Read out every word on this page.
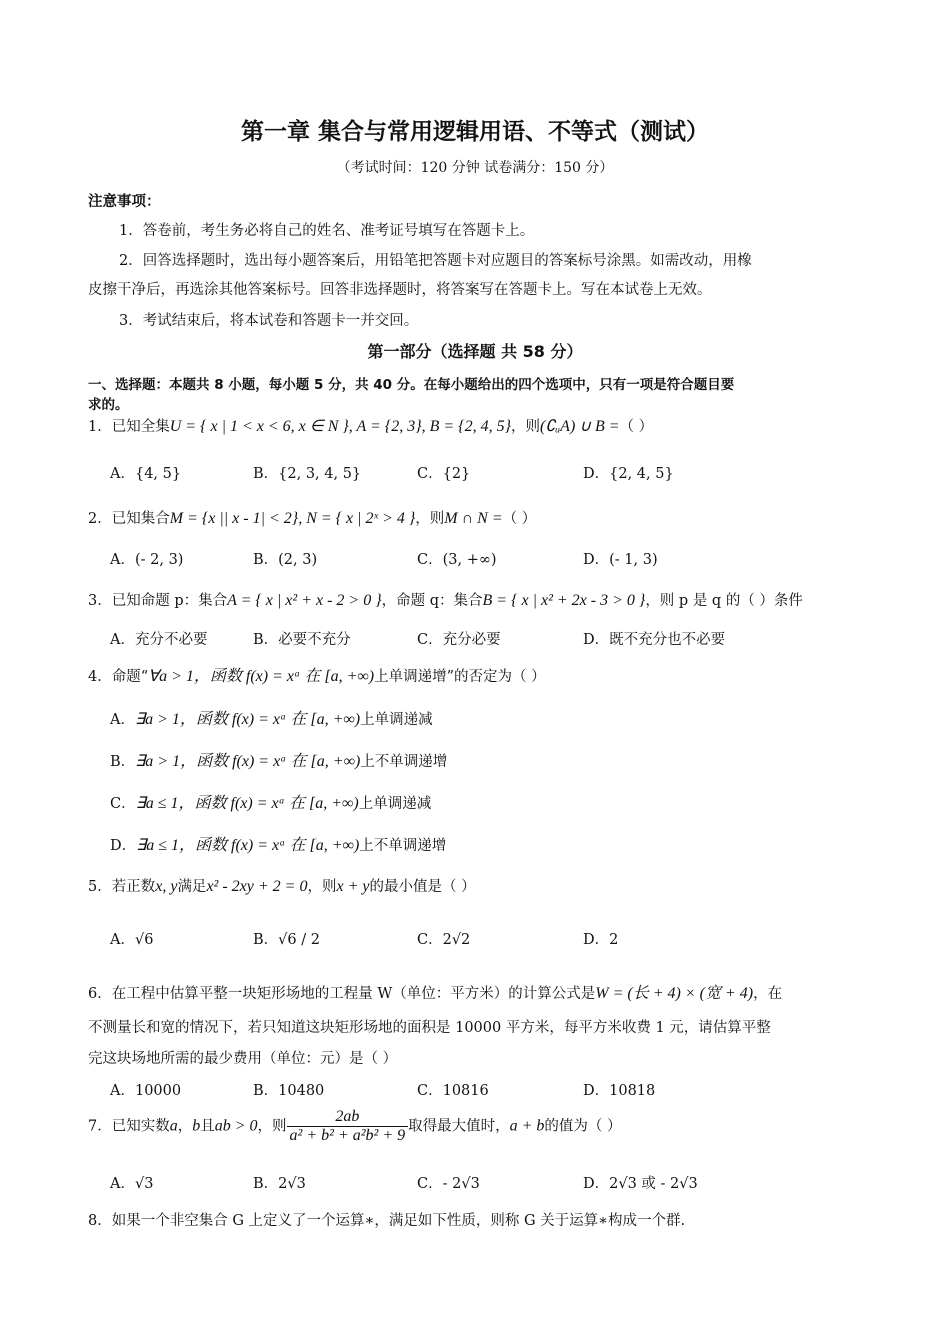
第一章 集合与常用逻辑用语、不等式（测试）
（考试时间：120 分钟 试卷满分：150 分）
注意事项：
1．答卷前，考生务必将自己的姓名、准考证号填写在答题卡上。
2．回答选择题时，选出每小题答案后，用铅笔把答题卡对应题目的答案标号涂黑。如需改动，用橡
皮擦干净后，再选涂其他答案标号。回答非选择题时，将答案写在答题卡上。写在本试卷上无效。
3．考试结束后，将本试卷和答题卡一并交回。
第一部分（选择题 共 58 分）
一、选择题：本题共 8 小题，每小题 5 分，共 40 分。在每小题给出的四个选项中，只有一项是符合题目要
求的。
1．已知全集U = { x | 1 < x < 6, x ∈ N }, A = {2, 3}, B = {2, 4, 5}，则(∁ᵤA) ∪ B =（ ）
A．{4, 5}	B．{2, 3, 4, 5}	C．{2}	D．{2, 4, 5}
2．已知集合M = {x || x - 1| < 2}, N = { x | 2ˣ > 4 }，则M ∩ N =（ ）
A．(- 2, 3)	B．(2, 3)	C．(3, +∞)	D．(- 1, 3)
3．已知命题 p：集合A = { x | x² + x - 2 > 0 }，命题 q：集合B = { x | x² + 2x - 3 > 0 }，则 p 是 q 的（ ）条件
A．充分不必要	B．必要不充分	C．充分必要	D．既不充分也不必要
4．命题“∀a > 1，函数 f(x) = xᵃ 在 [a, +∞)上单调递增”的否定为（ ）
A．∃a > 1，函数 f(x) = xᵃ 在 [a, +∞)上单调递减
B．∃a > 1，函数 f(x) = xᵃ 在 [a, +∞)上不单调递增
C．∃a ≤ 1，函数 f(x) = xᵃ 在 [a, +∞)上单调递减
D．∃a ≤ 1，函数 f(x) = xᵃ 在 [a, +∞)上不单调递增
5．若正数x, y满足x² - 2xy + 2 = 0，则x + y的最小值是（ ）
A．√6	B．√6 / 2	C．2√2	D．2
6．在工程中估算平整一块矩形场地的工程量 W（单位：平方米）的计算公式是W = (长 + 4) × (宽 + 4)，在
不测量长和宽的情况下，若只知道这块矩形场地的面积是 10000 平方米，每平方米收费 1 元，请估算平整
完这块场地所需的最少费用（单位：元）是（ ）
A．10000	B．10480	C．10816	D．10818
7．已知实数a，b且ab > 0，则 $\frac{2ab}{\text{a² + b² + a²b² + 9}}$ 取得最大值时，a + b的值为（ ）
A．√3	B．2√3	C．- 2√3	D．2√3 或 - 2√3
8．如果一个非空集合 G 上定义了一个运算∗，满足如下性质，则称 G 关于运算∗构成一个群.
